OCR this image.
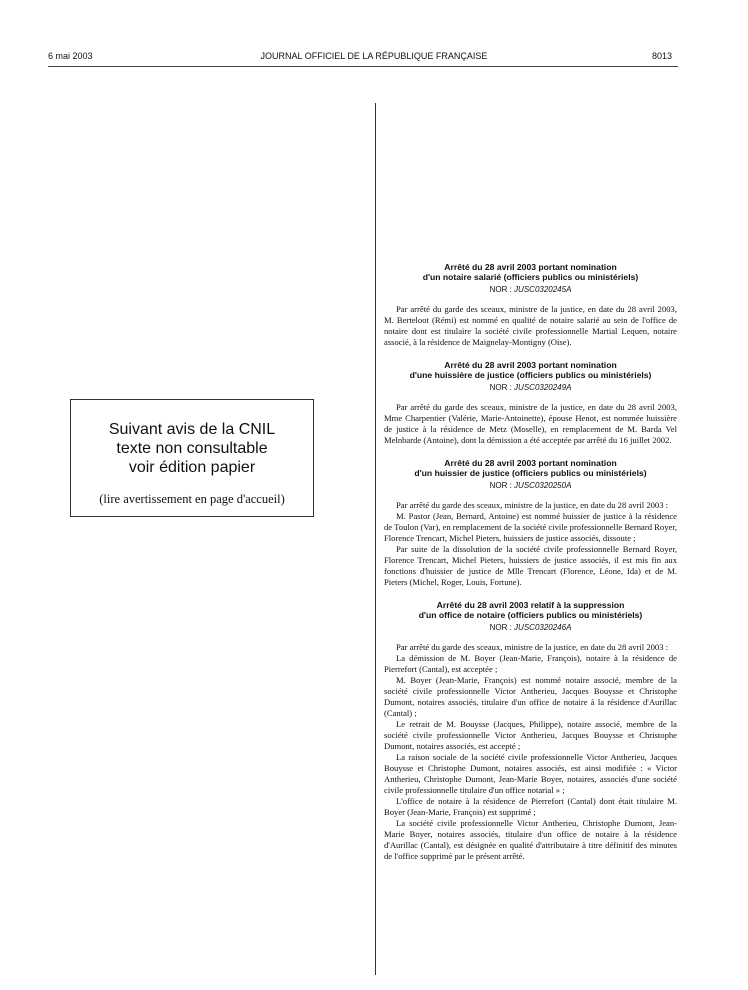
6 mai 2003	JOURNAL OFFICIEL DE LA RÉPUBLIQUE FRANÇAISE	8013
Suivant avis de la CNIL
texte non consultable
voir édition papier
(lire avertissement en page d'accueil)
Arrêté du 28 avril 2003 portant nomination
d'un notaire salarié (officiers publics ou ministériels)
NOR : JUSC0320245A

Par arrêté du garde des sceaux, ministre de la justice, en date du 28 avril 2003, M. Berteloot (Rémi) est nommé en qualité de notaire salarié au sein de l'office de notaire dont est titulaire la société civile professionnelle Martial Lequen, notaire associé, à la résidence de Maignelay-Montigny (Oise).

Arrêté du 28 avril 2003 portant nomination
d'une huissière de justice (officiers publics ou ministériels)
NOR : JUSC0320249A

Par arrêté du garde des sceaux, ministre de la justice, en date du 28 avril 2003, Mme Charpentier (Valérie, Marie-Antoinette), épouse Henot, est nommée huissière de justice à la résidence de Metz (Moselle), en remplacement de M. Barda Vel Melnbarde (Antoine), dont la démission a été acceptée par arrêté du 16 juillet 2002.

Arrêté du 28 avril 2003 portant nomination
d'un huissier de justice (officiers publics ou ministériels)
NOR : JUSC0320250A

Par arrêté du garde des sceaux, ministre de la justice, en date du 28 avril 2003 :

M. Pastor (Jean, Bernard, Antoine) est nommé huissier de justice à la résidence de Toulon (Var), en remplacement de la société civile professionnelle Bernard Royer, Florence Trencart, Michel Pieters, huissiers de justice associés, dissoute ;

Par suite de la dissolution de la société civile professionnelle Bernard Royer, Florence Trencart, Michel Pieters, huissiers de justice associés, il est mis fin aux fonctions d'huissier de justice de Mlle Trencart (Florence, Léone, Ida) et de M. Pieters (Michel, Roger, Louis, Fortune).

Arrêté du 28 avril 2003 relatif à la suppression
d'un office de notaire (officiers publics ou ministériels)
NOR : JUSC0320246A

Par arrêté du garde des sceaux, ministre de la justice, en date du 28 avril 2003 :

La démission de M. Boyer (Jean-Marie, François), notaire à la résidence de Pierrefort (Cantal), est acceptée ;

M. Boyer (Jean-Marie, François) est nommé notaire associé, membre de la société civile professionnelle Victor Antherieu, Jacques Bouysse et Christophe Dumont, notaires associés, titulaire d'un office de notaire à la résidence d'Aurillac (Cantal) ;

Le retrait de M. Bouysse (Jacques, Philippe), notaire associé, membre de la société civile professionnelle Victor Antherieu, Jacques Bouysse et Christophe Dumont, notaires associés, est accepté ;

La raison sociale de la société civile professionnelle Victor Antherieu, Jacques Bouysse et Christophe Dumont, notaires associés, est ainsi modifiée : « Victor Antherieu, Christophe Dumont, Jean-Marie Boyer, notaires, associés d'une société civile professionnelle titulaire d'un office notarial » ;

L'office de notaire à la résidence de Pierrefort (Cantal) dont était titulaire M. Boyer (Jean-Marie, François) est supprimé ;

La société civile professionnelle Victor Antherieu, Christophe Dumont, Jean-Marie Boyer, notaires associés, titulaire d'un office de notaire à la résidence d'Aurillac (Cantal), est désignée en qualité d'attributaire à titre définitif des minutes de l'office supprimé par le présent arrêté.
